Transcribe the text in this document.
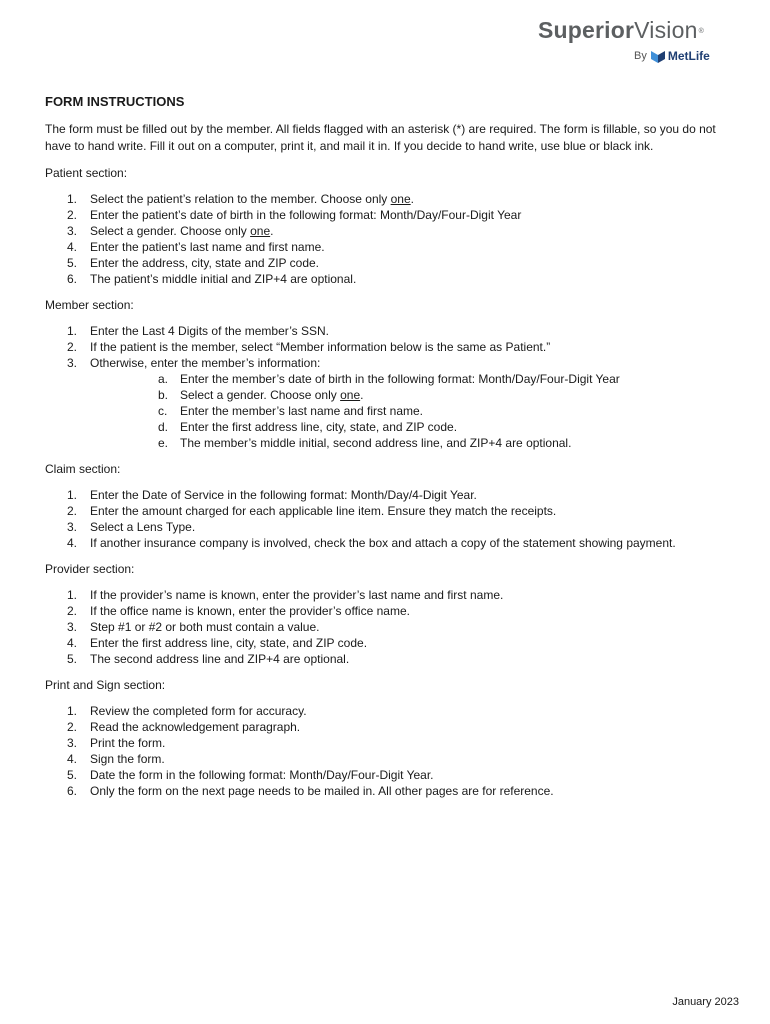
SuperiorVision®
By MetLife
FORM INSTRUCTIONS
The form must be filled out by the member. All fields flagged with an asterisk (*) are required. The form is fillable, so you do not have to hand write. Fill it out on a computer, print it, and mail it in. If you decide to hand write, use blue or black ink.
Patient section:
1. Select the patient’s relation to the member. Choose only one.
2. Enter the patient’s date of birth in the following format: Month/Day/Four-Digit Year
3. Select a gender. Choose only one.
4. Enter the patient’s last name and first name.
5. Enter the address, city, state and ZIP code.
6. The patient’s middle initial and ZIP+4 are optional.
Member section:
1. Enter the Last 4 Digits of the member’s SSN.
2. If the patient is the member, select “Member information below is the same as Patient.”
3. Otherwise, enter the member’s information:
a. Enter the member’s date of birth in the following format: Month/Day/Four-Digit Year
b. Select a gender. Choose only one.
c. Enter the member’s last name and first name.
d. Enter the first address line, city, state, and ZIP code.
e. The member’s middle initial, second address line, and ZIP+4 are optional.
Claim section:
1. Enter the Date of Service in the following format: Month/Day/4-Digit Year.
2. Enter the amount charged for each applicable line item. Ensure they match the receipts.
3. Select a Lens Type.
4. If another insurance company is involved, check the box and attach a copy of the statement showing payment.
Provider section:
1. If the provider’s name is known, enter the provider’s last name and first name.
2. If the office name is known, enter the provider’s office name.
3. Step #1 or #2 or both must contain a value.
4. Enter the first address line, city, state, and ZIP code.
5. The second address line and ZIP+4 are optional.
Print and Sign section:
1. Review the completed form for accuracy.
2. Read the acknowledgement paragraph.
3. Print the form.
4. Sign the form.
5. Date the form in the following format: Month/Day/Four-Digit Year.
6. Only the form on the next page needs to be mailed in. All other pages are for reference.
January 2023
